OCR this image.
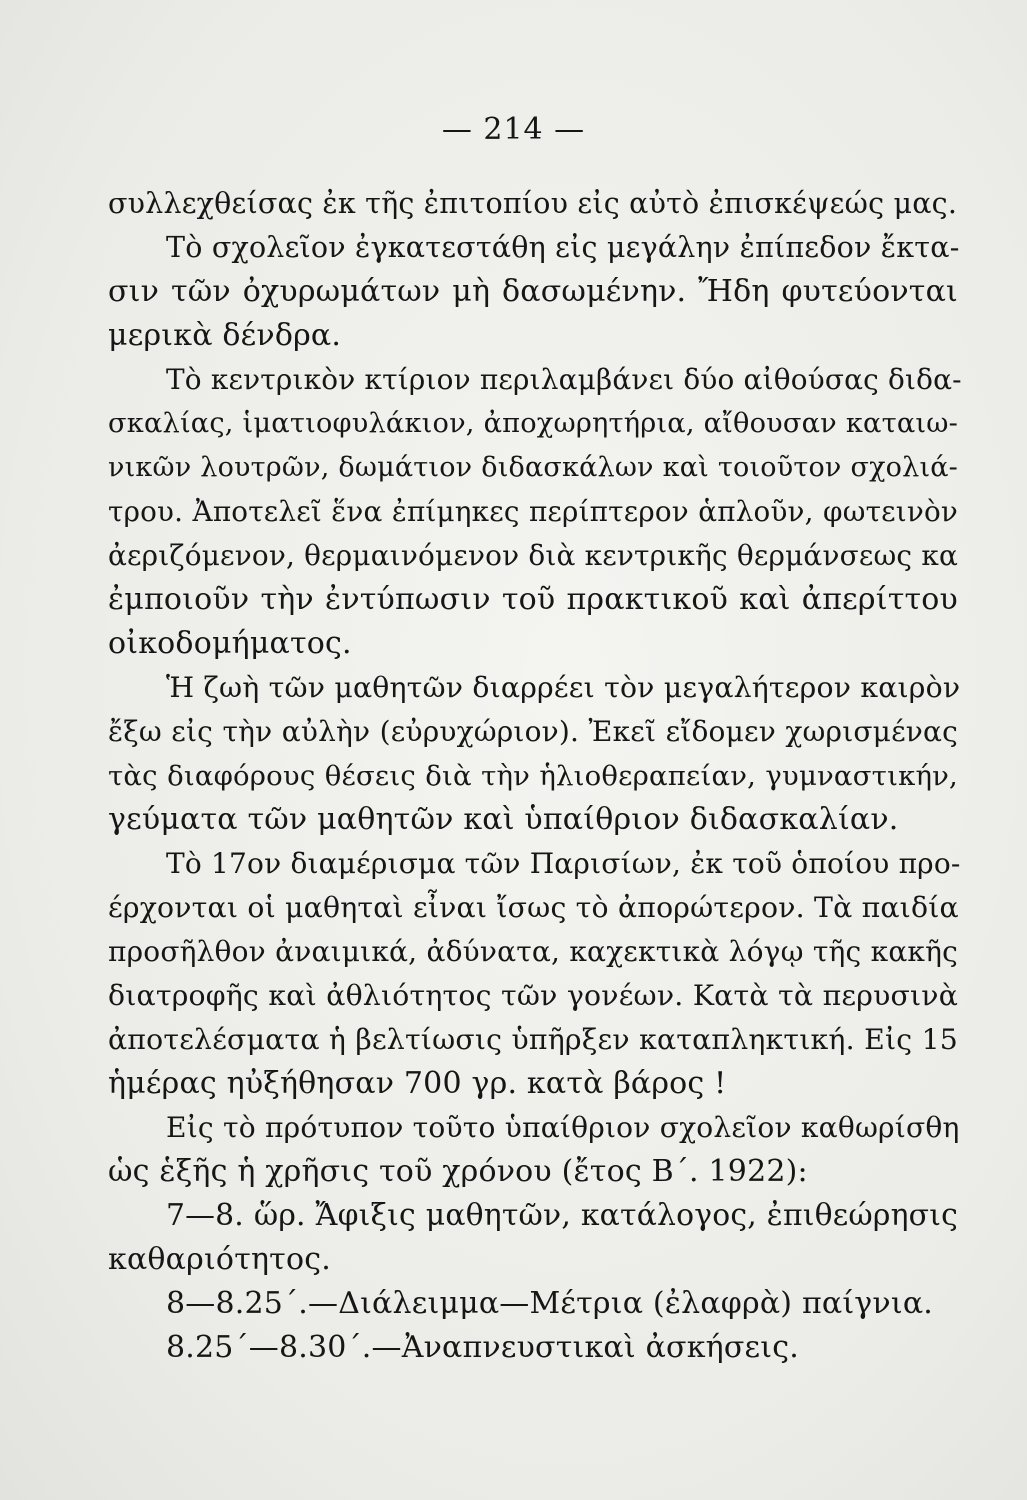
— 214 —
συλλεχθείσας ἐκ τῆς ἐπιτοπίου εἰς αὐτὸ ἐπισκέψεώς μας.
Τὸ σχολεῖον ἐγκατεστάθη εἰς μεγάλην ἐπίπεδον ἔκτα-
σιν τῶν ὀχυρωμάτων μὴ δασωμένην. Ἤδη φυτεύονται
μερικὰ δένδρα.
Τὸ κεντρικὸν κτίριον περιλαμβάνει δύο αἰθούσας διδα-
σκαλίας, ἱματιοφυλάκιον, ἀποχωρητήρια, αἴθουσαν καταιω-
νικῶν λουτρῶν, δωμάτιον διδασκάλων καὶ τοιοῦτον σχολιά-
τρου. Ἀποτελεῖ ἕνα ἐπίμηκες περίπτερον ἁπλοῦν, φωτεινὸν
ἀεριζόμενον, θερμαινόμενον διὰ κεντρικῆς θερμάνσεως κα
ἐμποιοῦν τὴν ἐντύπωσιν τοῦ πρακτικοῦ καὶ ἀπερίττου
οἰκοδομήματος.
Ἡ ζωὴ τῶν μαθητῶν διαρρέει τὸν μεγαλήτερον καιρὸν
ἔξω εἰς τὴν αὐλὴν (εὐρυχώριον). Ἐκεῖ εἴδομεν χωρισμένας
τὰς διαφόρους θέσεις διὰ τὴν ἡλιοθεραπείαν, γυμναστικήν,
γεύματα τῶν μαθητῶν καὶ ὑπαίθριον διδασκαλίαν.
Τὸ 17ον διαμέρισμα τῶν Παρισίων, ἐκ τοῦ ὁποίου προ-
έρχονται οἱ μαθηταὶ εἶναι ἴσως τὸ ἀπορώτερον. Τὰ παιδία
προσῆλθον ἀναιμικά, ἀδύνατα, καχεκτικὰ λόγῳ τῆς κακῆς
διατροφῆς καὶ ἀθλιότητος τῶν γονέων. Κατὰ τὰ περυσινὰ
ἀποτελέσματα ἡ βελτίωσις ὑπῆρξεν καταπληκτική. Εἰς 15
ἡμέρας ηὐξήθησαν 700 γρ. κατὰ βάρος !
Εἰς τὸ πρότυπον τοῦτο ὑπαίθριον σχολεῖον καθωρίσθη
ὡς ἑξῆς ἡ χρῆσις τοῦ χρόνου (ἔτος Β΄. 1922):
7—8. ὥρ. Ἄφιξις μαθητῶν, κατάλογος, ἐπιθεώρησις
καθαριότητος.
8—8.25΄.—Διάλειμμα—Μέτρια (ἐλαφρὰ) παίγνια.
8.25΄—8.30΄.—Ἀναπνευστικαὶ ἀσκήσεις.
